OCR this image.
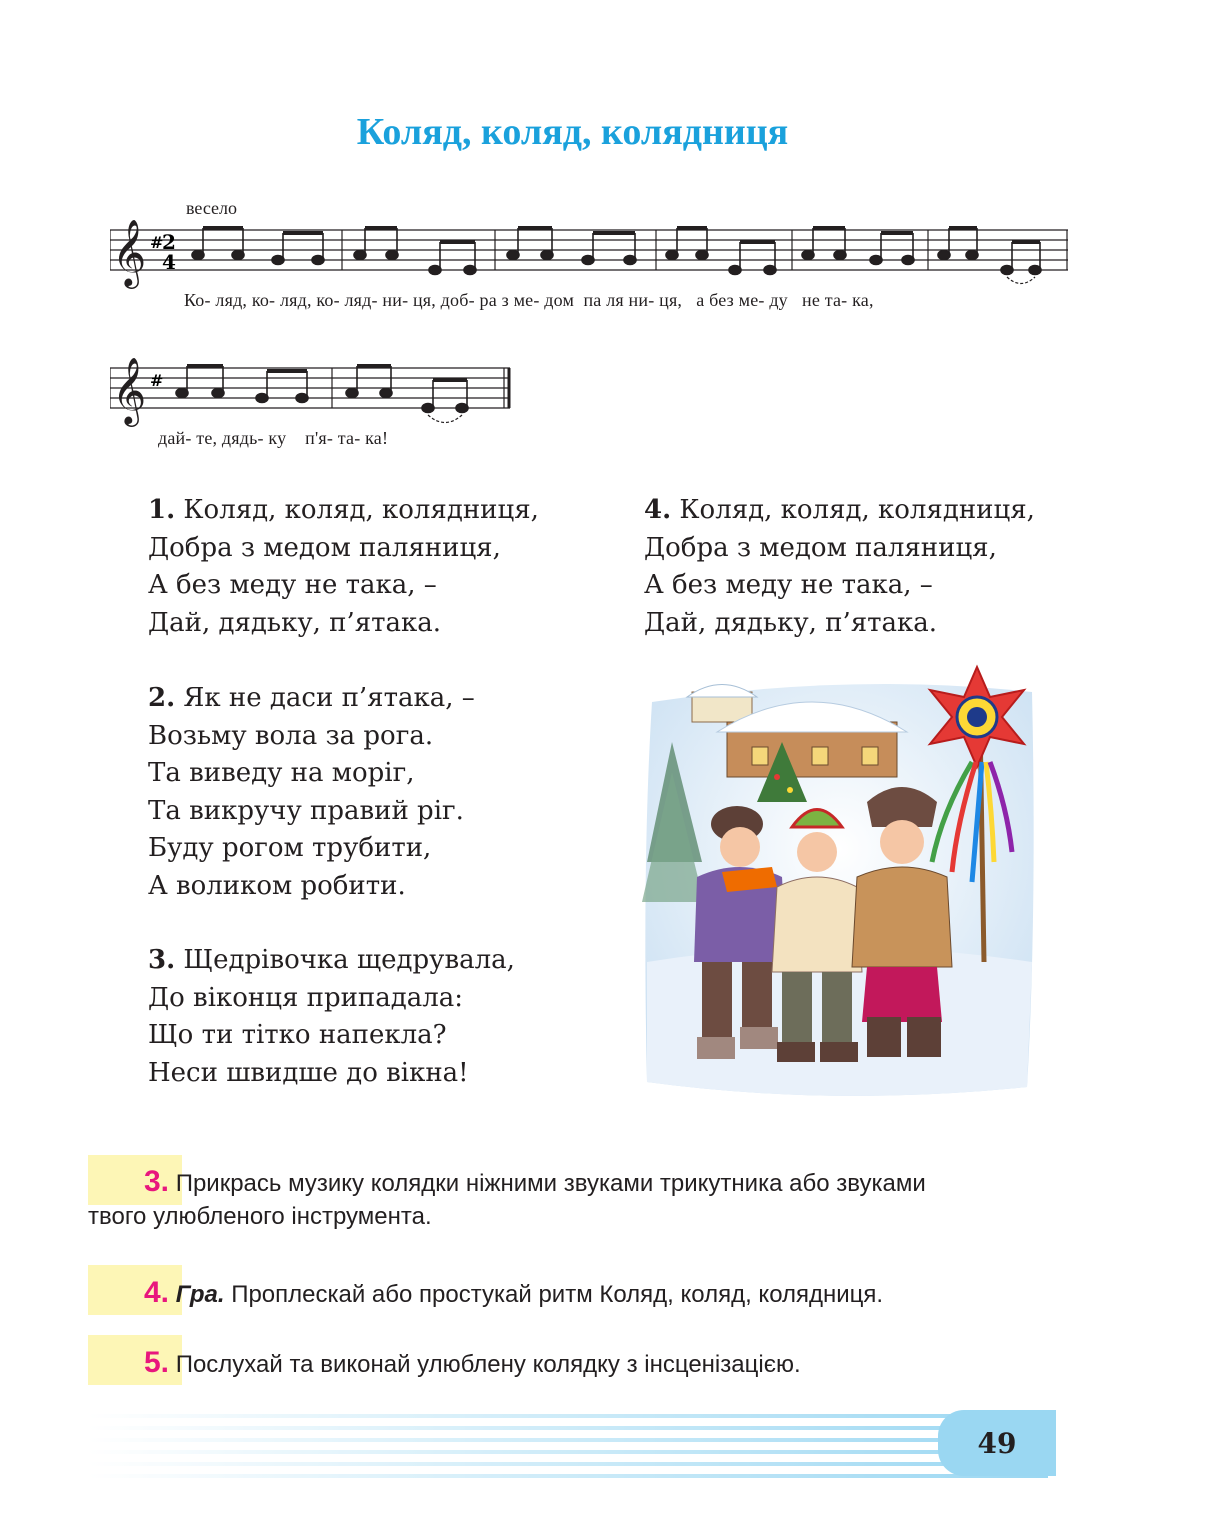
Коляд, коляд, колядниця
весело
𝄞 #
2
4
Ко- ляд, ко- ляд, ко- ляд- ни- ця, доб- ра з ме- дом  па ля ни- ця,   а без ме- ду   не та- ка,
𝄞 #
дай- те, дядь- ку    п'я- та- ка!
1. Коляд, коляд, колядниця,
Добра з медом паляниця,
А без меду не така, –
Дай, дядьку, п’ятака.
2. Як не даси п’ятака, –
Возьму вола за рога.
Та виведу на моріг,
Та викручу правий ріг.
Буду рогом трубити,
А воликом робити.
3. Щедрівочка щедрувала,
До віконця припадала:
Що ти тітко напекла?
Неси швидше до вікна!
4. Коляд, коляд, колядниця,
Добра з медом паляниця,
А без меду не така, –
Дай, дядьку, п’ятака.
3. Прикрась музику колядки ніжними звуками трикутника або звуками
твого улюбленого інструмента.
4. Гра. Проплескай або простукай ритм Коляд, коляд, колядниця.
5. Послухай та виконай улюблену колядку з інсценізацією.
49
